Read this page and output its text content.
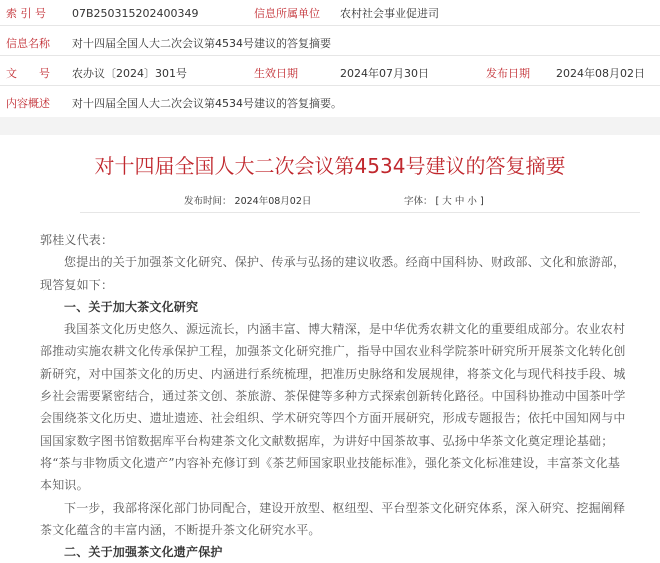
索 引 号 07B250315202400349	信息所属单位 农村社会事业促进司
信息名称 对十四届全国人大二次会议第4534号建议的答复摘要
文　　号 农办议〔2024〕301号	生效日期	2024年07月30日	发布日期 2024年08月02日
内容概述 对十四届全国人大二次会议第4534号建议的答复摘要。
对十四届全国人大二次会议第4534号建议的答复摘要
发布时间： 2024年08月02日	字体： [ 大 中 小 ]

郭桂义代表：

您提出的关于加强茶文化研究、保护、传承与弘扬的建议收悉。经商中国科协、财政部、文化和旅游部，现答复如下：

一、关于加大茶文化研究

我国茶文化历史悠久、源远流长，内涵丰富、博大精深，是中华优秀农耕文化的重要组成部分。农业农村部推动实施农耕文化传承保护工程，加强茶文化研究推广，指导中国农业科学院茶叶研究所开展茶文化转化创新研究，对中国茶文化的历史、内涵进行系统梳理，把准历史脉络和发展规律，将茶文化与现代科技手段、城乡社会需要紧密结合，通过茶文创、茶旅游、茶保健等多种方式探索创新转化路径。中国科协推动中国茶叶学会围绕茶文化历史、遗址遗迹、社会组织、学术研究等四个方面开展研究，形成专题报告；依托中国知网与中国国家数字图书馆数据库平台构建茶文化文献数据库，为讲好中国茶故事、弘扬中华茶文化奠定理论基础；将“茶与非物质文化遗产”内容补充修订到《茶艺师国家职业技能标准》，强化茶文化标准建设，丰富茶文化基本知识。

下一步，我部将深化部门协同配合，建设开放型、枢纽型、平台型茶文化研究体系，深入研究、挖掘阐释茶文化蕴含的丰富内涵，不断提升茶文化研究水平。

二、关于加强茶文化遗产保护
